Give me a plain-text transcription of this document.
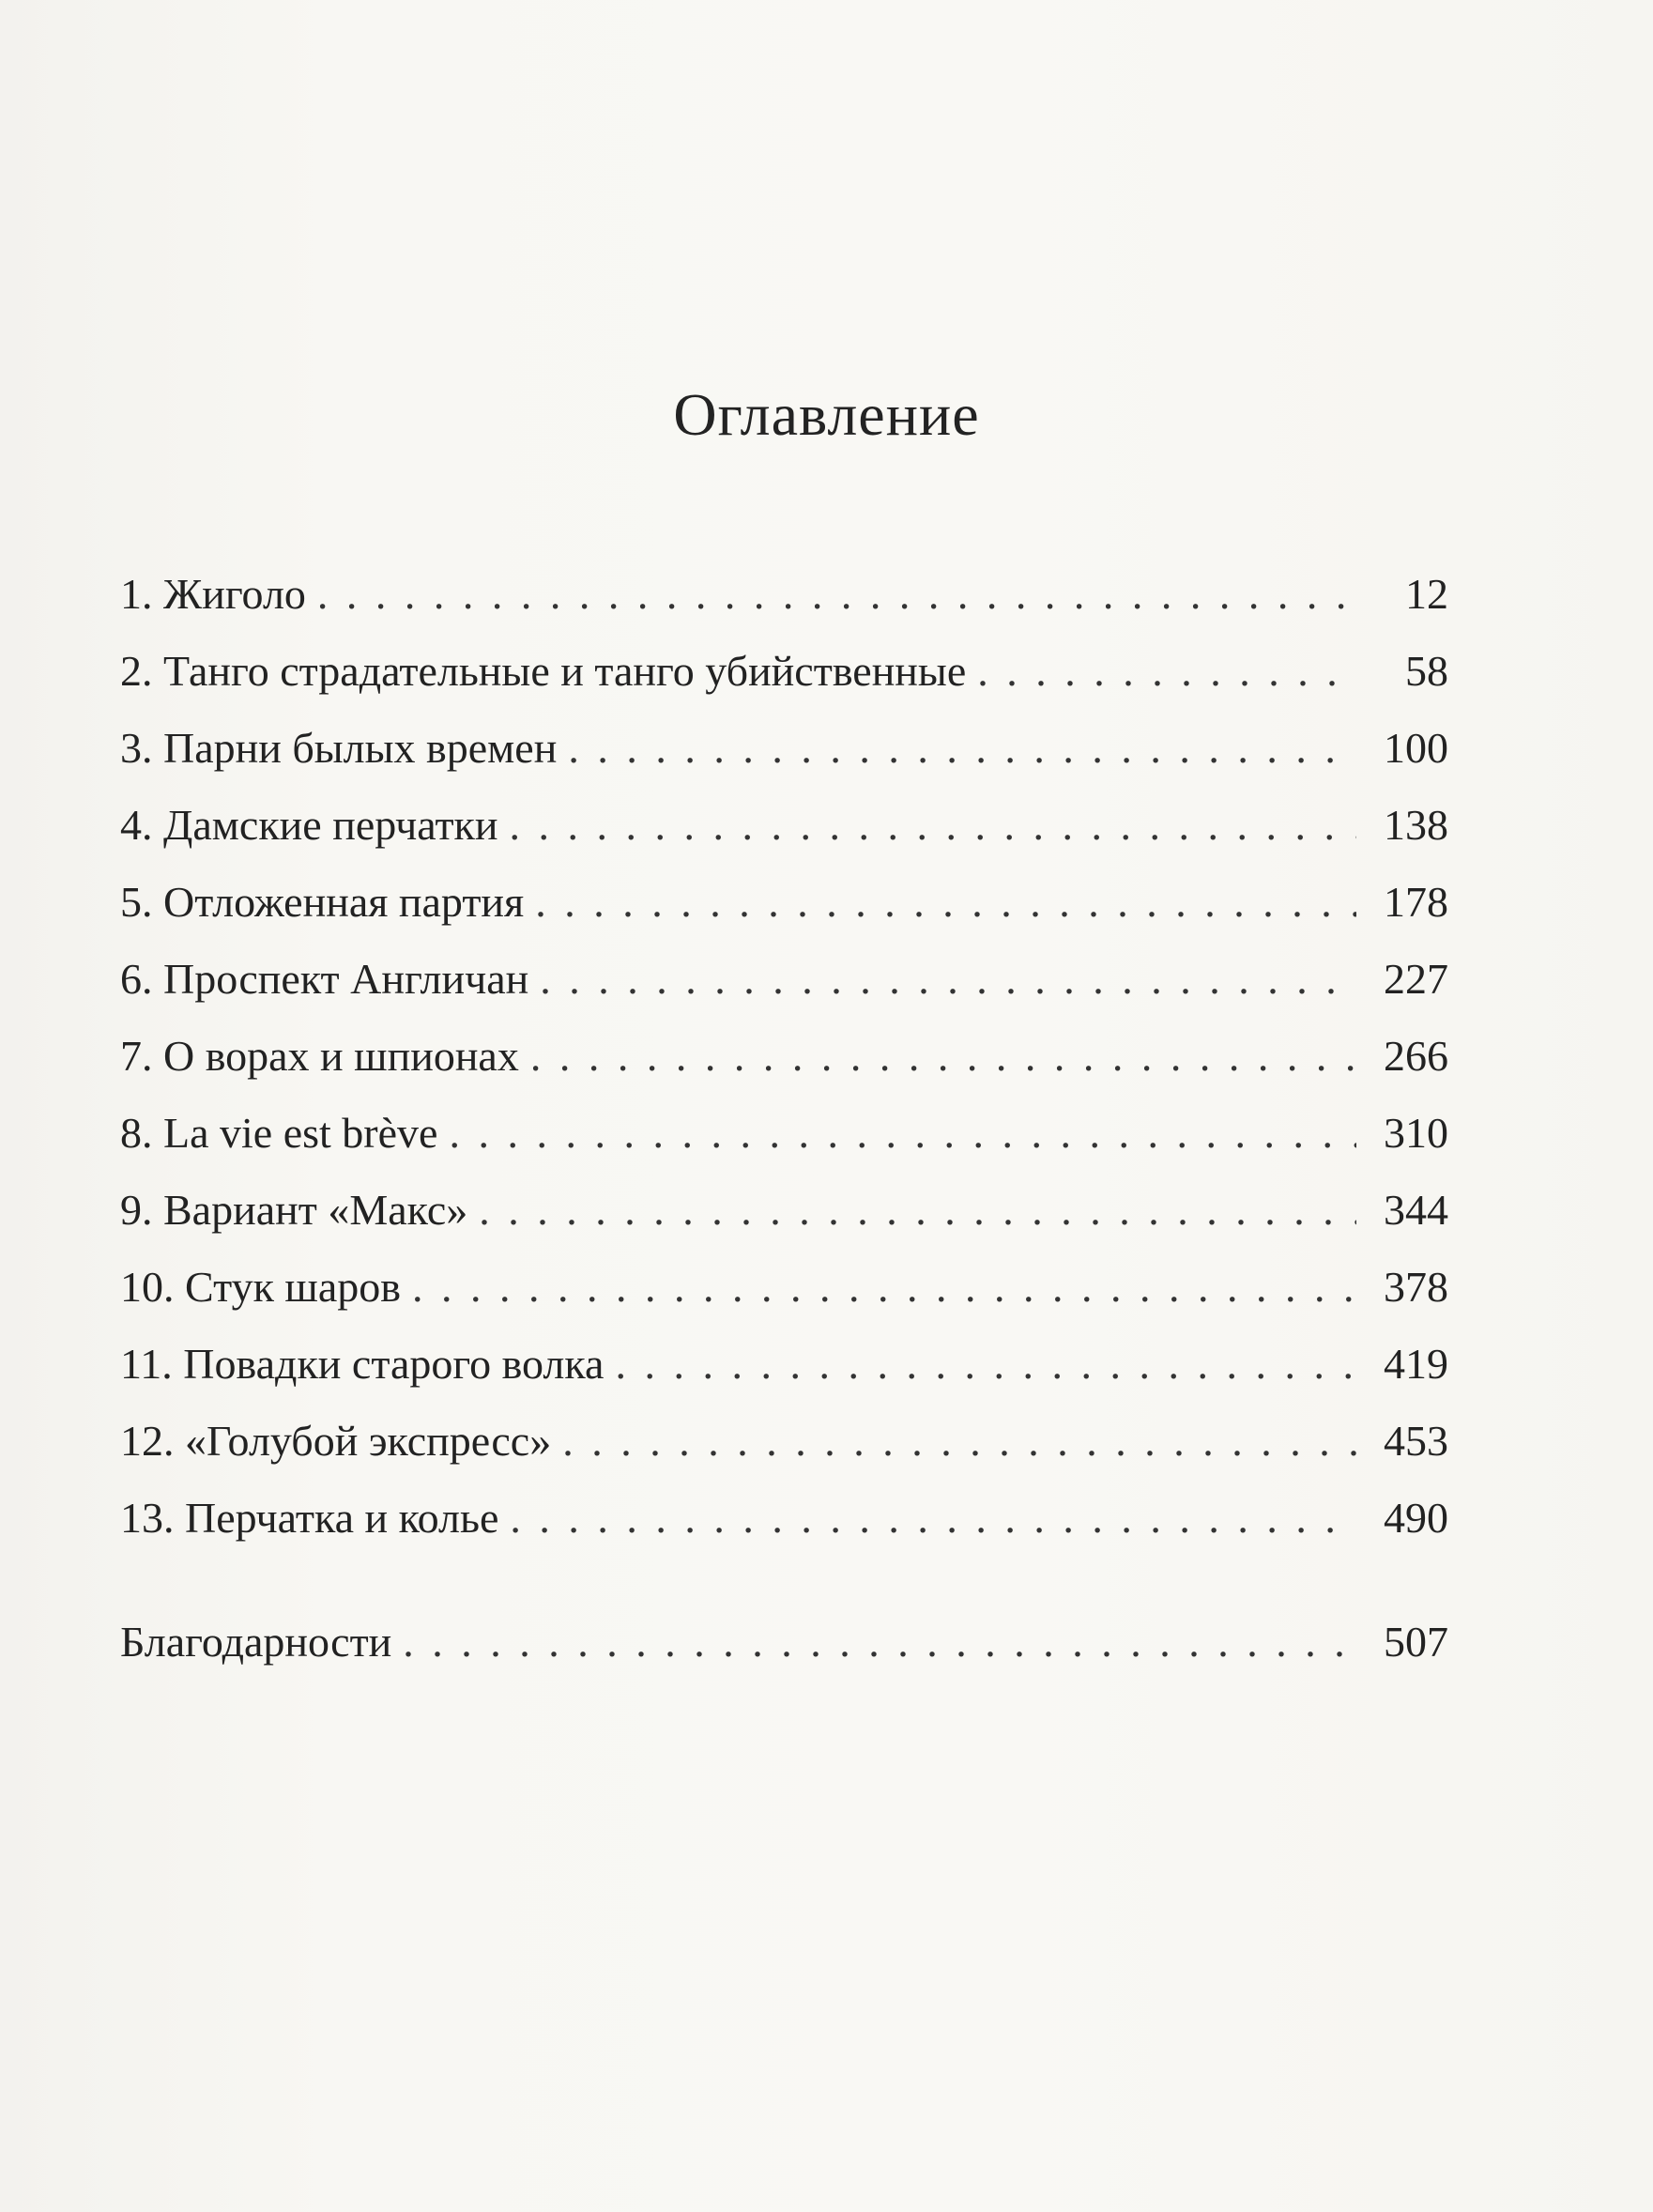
Оглавление
1. Жиголо . . .	12
2. Танго страдательные и танго убийственные . . .	58
3. Парни былых времен . . .	100
4. Дамские перчатки . . .	138
5. Отложенная партия . . .	178
6. Проспект Англичан . . .	227
7. О ворах и шпионах . . .	266
8. La vie est brève . . .	310
9. Вариант «Макс» . . .	344
10. Стук шаров . . .	378
11. Повадки старого волка . . .	419
12. «Голубой экспресс» . . .	453
13. Перчатка и колье . . .	490
Благодарности . . .	507
